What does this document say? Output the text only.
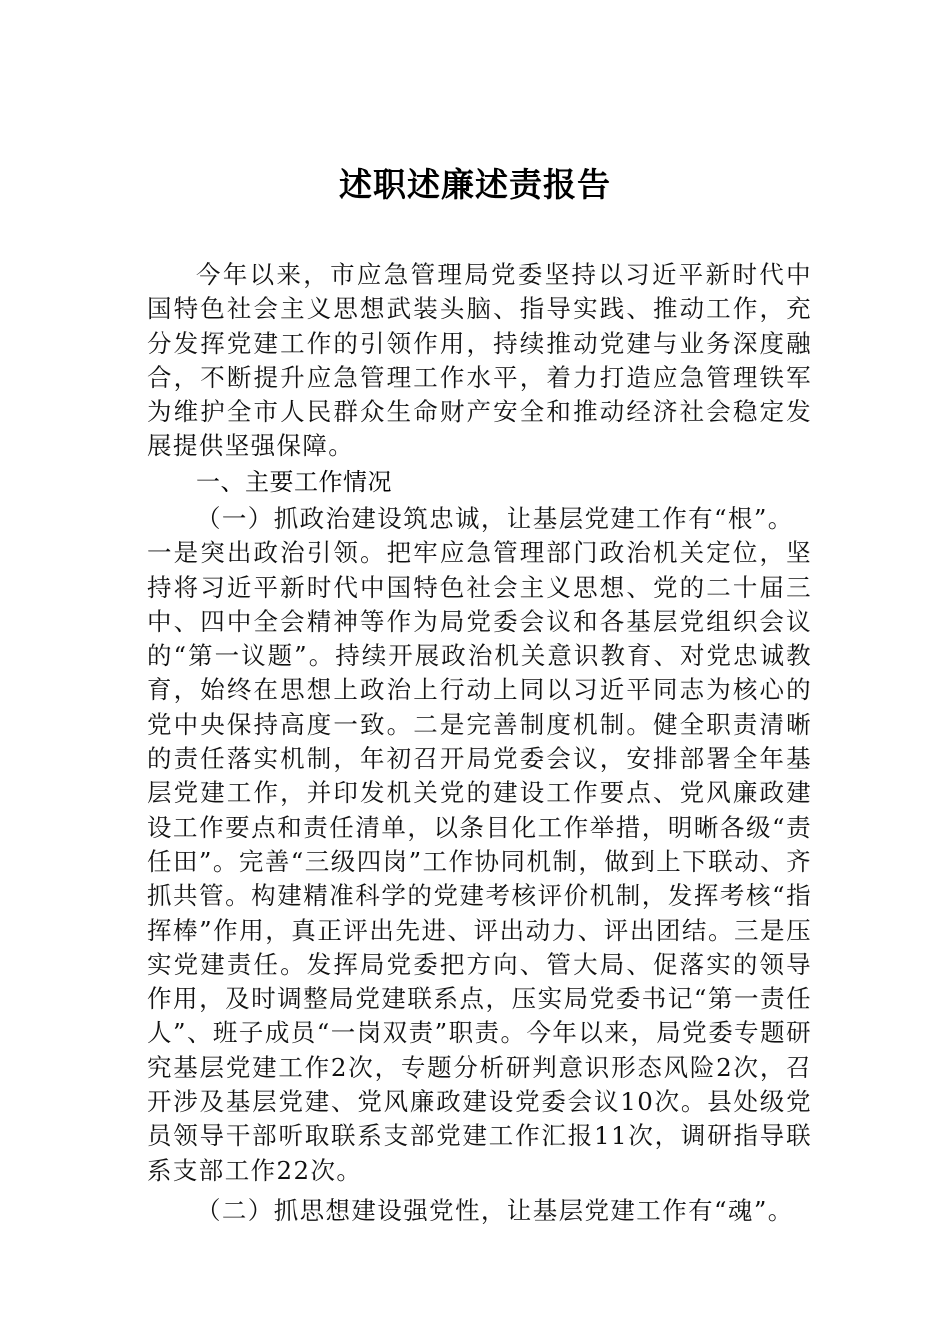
述职述廉述责报告
今年以来，市应急管理局党委坚持以习近平新时代中国特色社会主义思想武装头脑、指导实践、推动工作，充分发挥党建工作的引领作用，持续推动党建与业务深度融合，不断提升应急管理工作水平，着力打造应急管理铁军为维护全市人民群众生命财产安全和推动经济社会稳定发展提供坚强保障。
一、主要工作情况
（一）抓政治建设筑忠诚，让基层党建工作有“根”。
一是突出政治引领。把牢应急管理部门政治机关定位，坚持将习近平新时代中国特色社会主义思想、党的二十届三中、四中全会精神等作为局党委会议和各基层党组织会议的“第一议题”。持续开展政治机关意识教育、对党忠诚教育，始终在思想上政治上行动上同以习近平同志为核心的党中央保持高度一致。二是完善制度机制。健全职责清晰的责任落实机制，年初召开局党委会议，安排部署全年基层党建工作，并印发机关党的建设工作要点、党风廉政建设工作要点和责任清单，以条目化工作举措，明晰各级“责任田”。完善“三级四岗”工作协同机制，做到上下联动、齐抓共管。构建精准科学的党建考核评价机制，发挥考核“指挥棒”作用，真正评出先进、评出动力、评出团结。三是压实党建责任。发挥局党委把方向、管大局、促落实的领导作用，及时调整局党建联系点，压实局党委书记“第一责任人”、班子成员“一岗双责”职责。今年以来，局党委专题研究基层党建工作2次，专题分析研判意识形态风险2次，召开涉及基层党建、党风廉政建设党委会议10次。县处级党员领导干部听取联系支部党建工作汇报11次，调研指导联系支部工作22次。
（二）抓思想建设强党性，让基层党建工作有“魂”。
